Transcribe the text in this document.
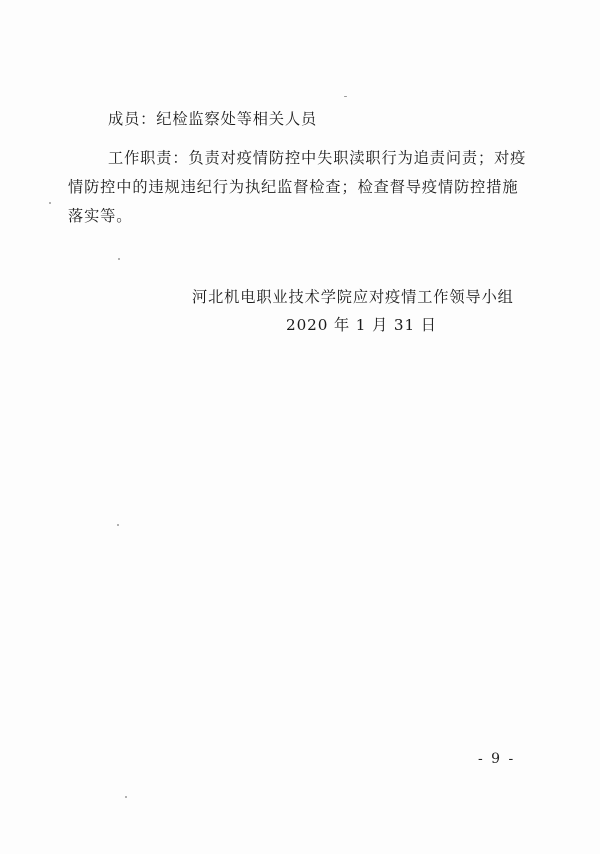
成员：纪检监察处等相关人员
工作职责：负责对疫情防控中失职渎职行为追责问责；对疫
情防控中的违规违纪行为执纪监督检查；检查督导疫情防控措施
落实等。
河北机电职业技术学院应对疫情工作领导小组
2020 年 1 月 31 日
- 9 -
